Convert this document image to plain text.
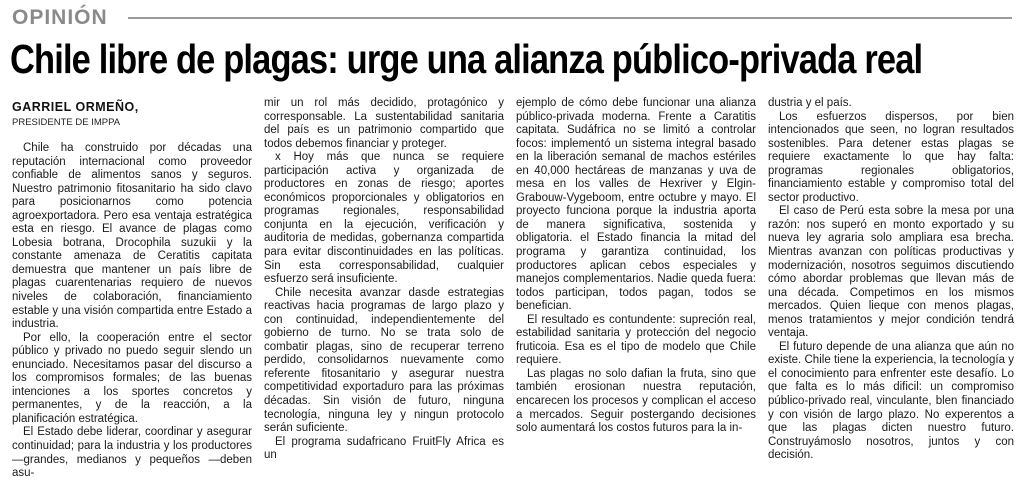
OPINIÓN
Chile libre de plagas: urge una alianza público-privada real
GARRIEL ORMEÑO,
PRESIDENTE DE IMPPA

Chile ha construido por décadas una reputación internacional como proveedor confiable de alimentos sanos y seguros. Nuestro patrimonio fitosanitario ha sido clavo para posicionarnos como potencia agroexportadora. Pero esa ventaja estratégica esta en riesgo. El avance de plagas como Lobesia botrana, Drocophila suzukii y la constante amenaza de Ceratitis capitata demuestra que mantener un país libre de plagas cuarentenarias requiero de nuevos niveles de colaboración, financiamiento estable y una visión compartida entre Estado a industria.

Por ello, la cooperación entre el sector público y privado no puedo seguir slendo un enunciado. Necesitamos pasar del discurso a los compromisos formales; de las buenas intenciones a los sportes concretos y permanentes, y de la reacción, a la planificación estratégica.

El Estado debe liderar, coordinar y asegurar continuidad; para la industria y los productores —grandes, medianos y pequeños —deben asu-

mir un rol más decidido, protagónico y corresponsable. La sustentabilidad sanitaria del país es un patrimonio compartido que todos debemos financiar y proteger.

x Hoy más que nunca se requiere participación activa y organizada de productores en zonas de riesgo; aportes económicos proporcionales y obligatorios en programas regionales, responsabilidad conjunta en la ejecución, verificación y auditoria de medidas, gobernanza compartida para evitar discontinuidades en las políticas. Sin esta corresponsabilidad, cualquier esfuerzo será insuficiente.

Chile necesita avanzar dasde estrategias reactivas hacia programas de largo plazo y con continuidad, independientemente del gobierno de turno. No se trata solo de combatir plagas, sino de recuperar terreno perdido, consolidarnos nuevamente como referente fitosanitario y asegurar nuestra competitividad exportaduro para las próximas décadas. Sin visión de futuro, ninguna tecnología, ninguna ley y ningun protocolo serán suficiente.

El programa sudafricano FruitFly Africa es un

ejemplo de cómo debe funcionar una alianza público-privada moderna. Frente a Caratitis capitata. Sudáfrica no se limitó a controlar focos: implementó un sistema integral basado en la liberación semanal de machos estériles en 40,000 hectáreas de manzanas y uva de mesa en los valles de Hexriver y Elgin-Grabouw-Vygeboom, entre octubre y mayo. El proyecto funciona porque la industria aporta de manera significativa, sostenida y obligatoria. el Estado financia la mitad del programa y garantiza continuidad, los productores aplican cebos especiales y manejos complementarios. Nadie queda fuera: todos participan, todos pagan, todos se benefician.

El resultado es contundente: supreción real, estabilidad sanitaria y protección del negocio fruticoia. Esa es el tipo de modelo que Chile requiere.

Las plagas no solo dafian la fruta, sino que también erosionan nuestra reputación, encarecen los procesos y complican el acceso a mercados. Seguir postergando decisiones solo aumentará los costos futuros para la in-

dustria y el país.

Los esfuerzos dispersos, por bien intencionados que seen, no logran resultados sostenibles. Para detener estas plagas se requiere exactamente lo que hay falta: programas regionales obligatorios, financiamiento estable y compromiso total del sector productivo.

El caso de Perú esta sobre la mesa por una razón: nos superó en monto exportado y su nueva ley agraria solo ampliara esa brecha. Mientras avanzan con políticas productivas y modernización, nosotros seguimos discutiendo cómo abordar problemas que llevan más de una década. Competimos en los mismos mercados. Quien lieque con menos plagas, menos tratamientos y mejor condición tendrá ventaja.

El futuro depende de una alianza que aún no existe. Chile tiene la experiencia, la tecnología y el conocimiento para enfrenter este desafío. Lo que falta es lo más dificil: un compromiso público-privado real, vinculante, blen financiado y con visión de largo plazo. No experentos a que las plagas dicten nuestro futuro. Construyámoslo nosotros, juntos y con decisión.
